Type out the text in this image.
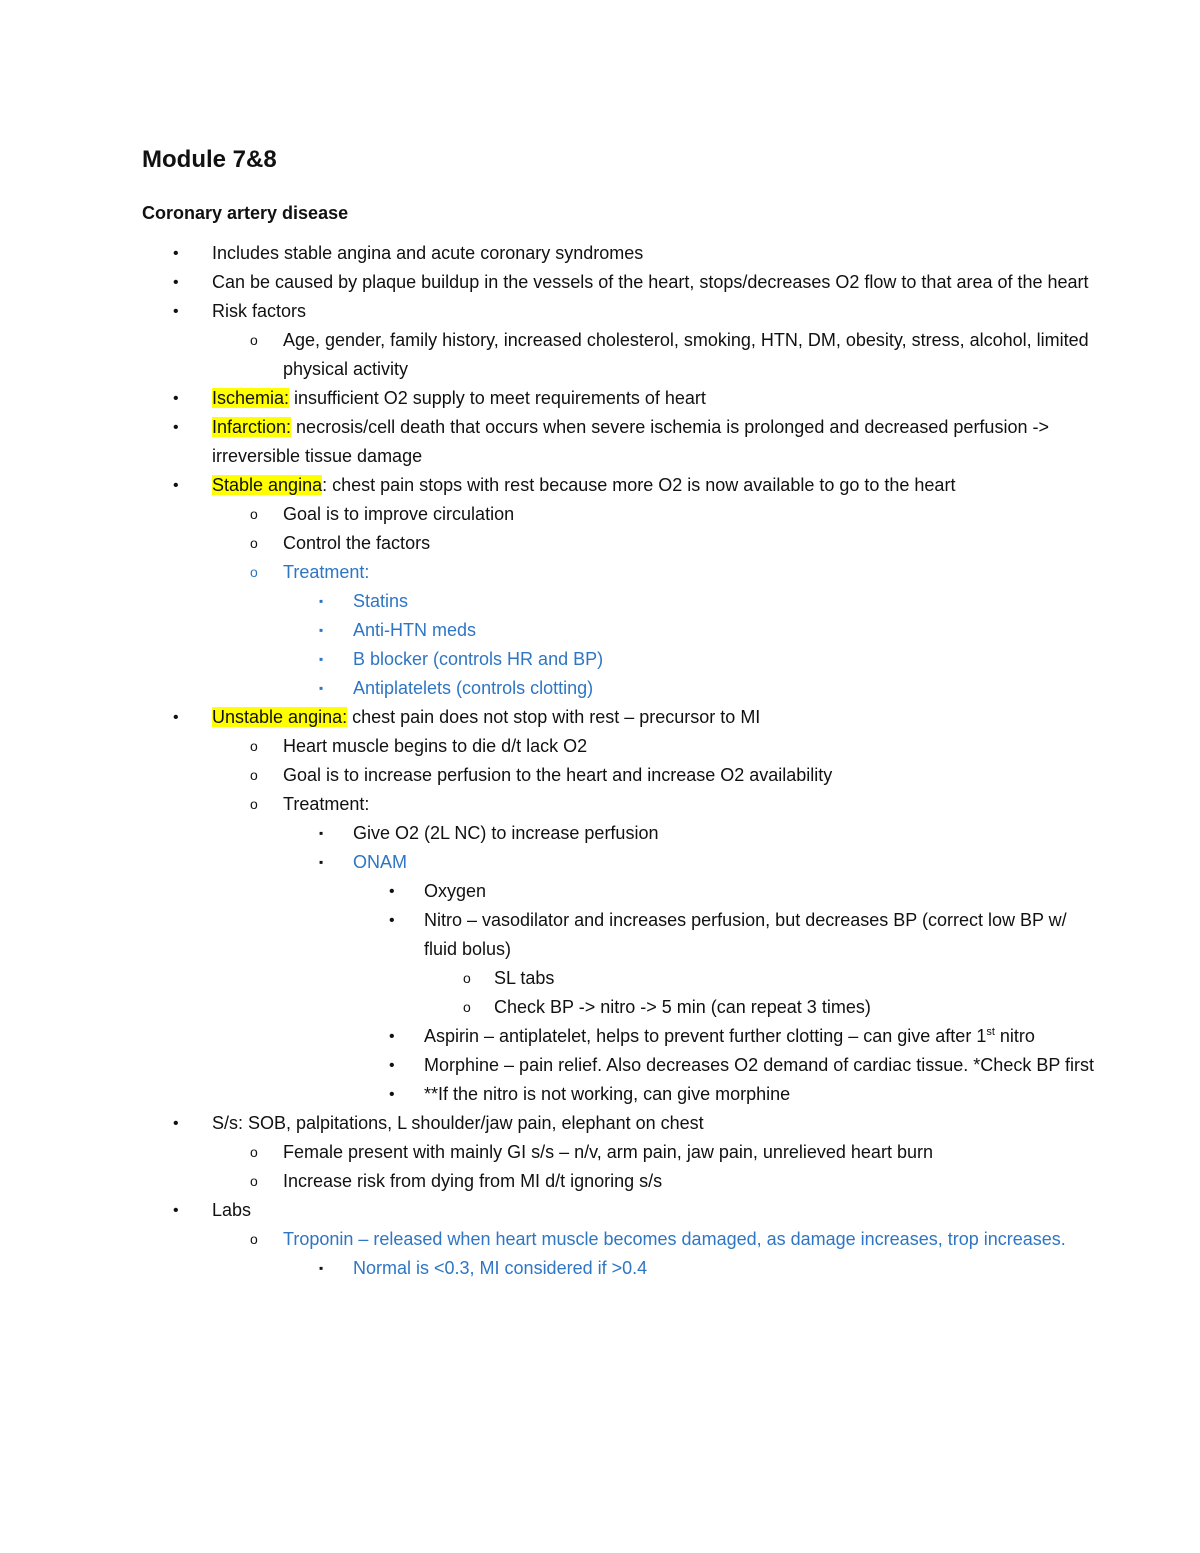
Module 7&8
Coronary artery disease
• Includes stable angina and acute coronary syndromes
• Can be caused by plaque buildup in the vessels of the heart, stops/decreases O2 flow to that area of the heart
• Risk factors
o Age, gender, family history, increased cholesterol, smoking, HTN, DM, obesity, stress, alcohol, limited physical activity
• Ischemia: insufficient O2 supply to meet requirements of heart
• Infarction: necrosis/cell death that occurs when severe ischemia is prolonged and decreased perfusion -> irreversible tissue damage
• Stable angina: chest pain stops with rest because more O2 is now available to go to the heart
o Goal is to improve circulation
o Control the factors
o Treatment:
▪ Statins
▪ Anti-HTN meds
▪ B blocker (controls HR and BP)
▪ Antiplatelets (controls clotting)
• Unstable angina: chest pain does not stop with rest – precursor to MI
o Heart muscle begins to die d/t lack O2
o Goal is to increase perfusion to the heart and increase O2 availability
o Treatment:
▪ Give O2 (2L NC) to increase perfusion
▪ ONAM
• Oxygen
• Nitro – vasodilator and increases perfusion, but decreases BP (correct low BP w/ fluid bolus)
o SL tabs
o Check BP -> nitro -> 5 min (can repeat 3 times)
• Aspirin – antiplatelet, helps to prevent further clotting – can give after 1st nitro
• Morphine – pain relief. Also decreases O2 demand of cardiac tissue. *Check BP first
• **If the nitro is not working, can give morphine
• S/s: SOB, palpitations, L shoulder/jaw pain, elephant on chest
o Female present with mainly GI s/s – n/v, arm pain, jaw pain, unrelieved heart burn
o Increase risk from dying from MI d/t ignoring s/s
• Labs
o Troponin – released when heart muscle becomes damaged, as damage increases, trop increases.
▪ Normal is <0.3, MI considered if >0.4
